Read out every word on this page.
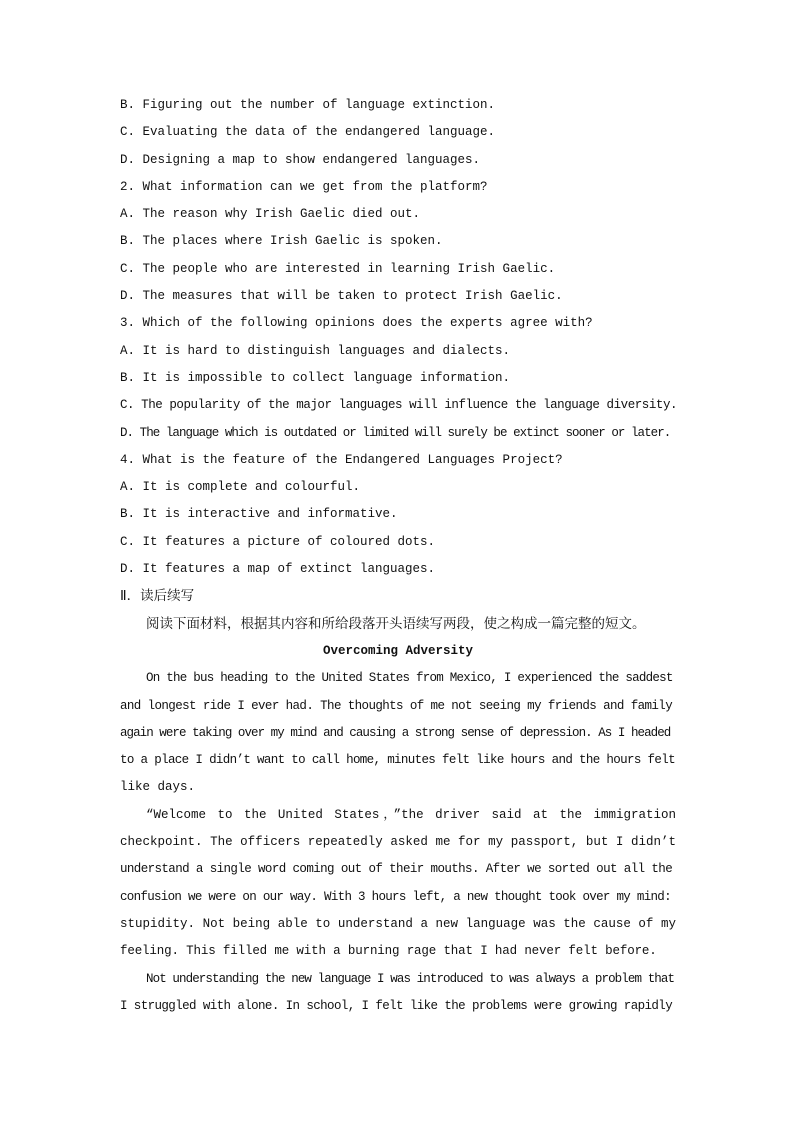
B. Figuring out the number of language extinction.
C. Evaluating the data of the endangered language.
D. Designing a map to show endangered languages.
2. What information can we get from the platform?
A. The reason why Irish Gaelic died out.
B. The places where Irish Gaelic is spoken.
C. The people who are interested in learning Irish Gaelic.
D. The measures that will be taken to protect Irish Gaelic.
3. Which of the following opinions does the experts agree with?
A. It is hard to distinguish languages and dialects.
B. It is impossible to collect language information.
C. The popularity of the major languages will influence the language diversity.
D. The language which is outdated or limited will surely be extinct sooner or later.
4. What is the feature of the Endangered Languages Project?
A. It is complete and colourful.
B. It is interactive and informative.
C. It features a picture of coloured dots.
D. It features a map of extinct languages.
Ⅱ．读后续写
阅读下面材料，根据其内容和所给段落开头语续写两段，使之构成一篇完整的短文。
Overcoming Adversity
On the bus heading to the United States from Mexico, I experienced the saddest
and longest ride I ever had. The thoughts of me not seeing my friends and family
again were taking over my mind and causing a strong sense of depression. As I headed
to a place I didn’t want to call home, minutes felt like hours and the hours felt
like days.
“Welcome to the United States，”the driver said at the immigration
checkpoint. The officers repeatedly asked me for my passport, but I didn’t
understand a single word coming out of their mouths. After we sorted out all the
confusion we were on our way. With 3 hours left, a new thought took over my mind:
stupidity. Not being able to understand a new language was the cause of my
feeling. This filled me with a burning rage that I had never felt before.
Not understanding the new language I was introduced to was always a problem that
I struggled with alone. In school, I felt like the problems were growing rapidly
